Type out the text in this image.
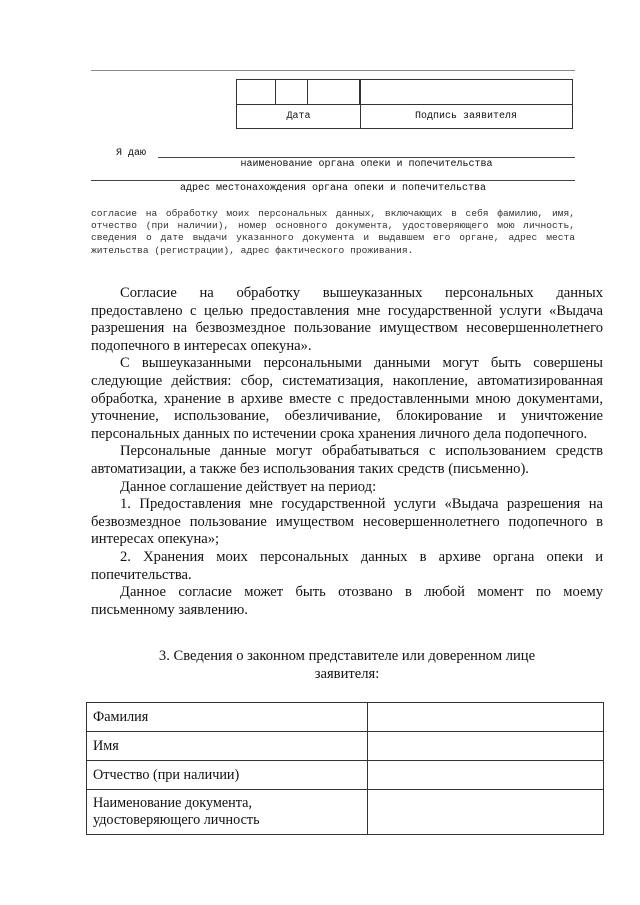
Дата	Подпись заявителя
Я даю
наименование органа опеки и попечительства
адрес местонахождения органа опеки и попечительства
согласие на обработку моих персональных данных, включающих в себя фамилию, имя, отчество (при наличии), номер основного документа, удостоверяющего мою личность, сведения о дате выдачи указанного документа и выдавшем его органе, адрес места жительства (регистрации), адрес фактического проживания.

Согласие на обработку вышеуказанных персональных данных предоставлено с целью предоставления мне государственной услуги «Выдача разрешения на безвозмездное пользование имуществом несовершеннолетнего подопечного в интересах опекуна».

С вышеуказанными персональными данными могут быть совершены следующие действия: сбор, систематизация, накопление, автоматизированная обработка, хранение в архиве вместе с предоставленными мною документами, уточнение, использование, обезличивание, блокирование и уничтожение персональных данных по истечении срока хранения личного дела подопечного.

Персональные данные могут обрабатываться с использованием средств автоматизации, а также без использования таких средств (письменно).

Данное соглашение действует на период:

1. Предоставления мне государственной услуги «Выдача разрешения на безвозмездное пользование имуществом несовершеннолетнего подопечного в интересах опекуна»;

2. Хранения моих персональных данных в архиве органа опеки и попечительства.

Данное согласие может быть отозвано в любой момент по моему письменному заявлению.

3. Сведения о законном представителе или доверенном лице
заявителя:
Фамилия	
Имя	
Отчество (при наличии)	
Наименование документа, удостоверяющего личность	
